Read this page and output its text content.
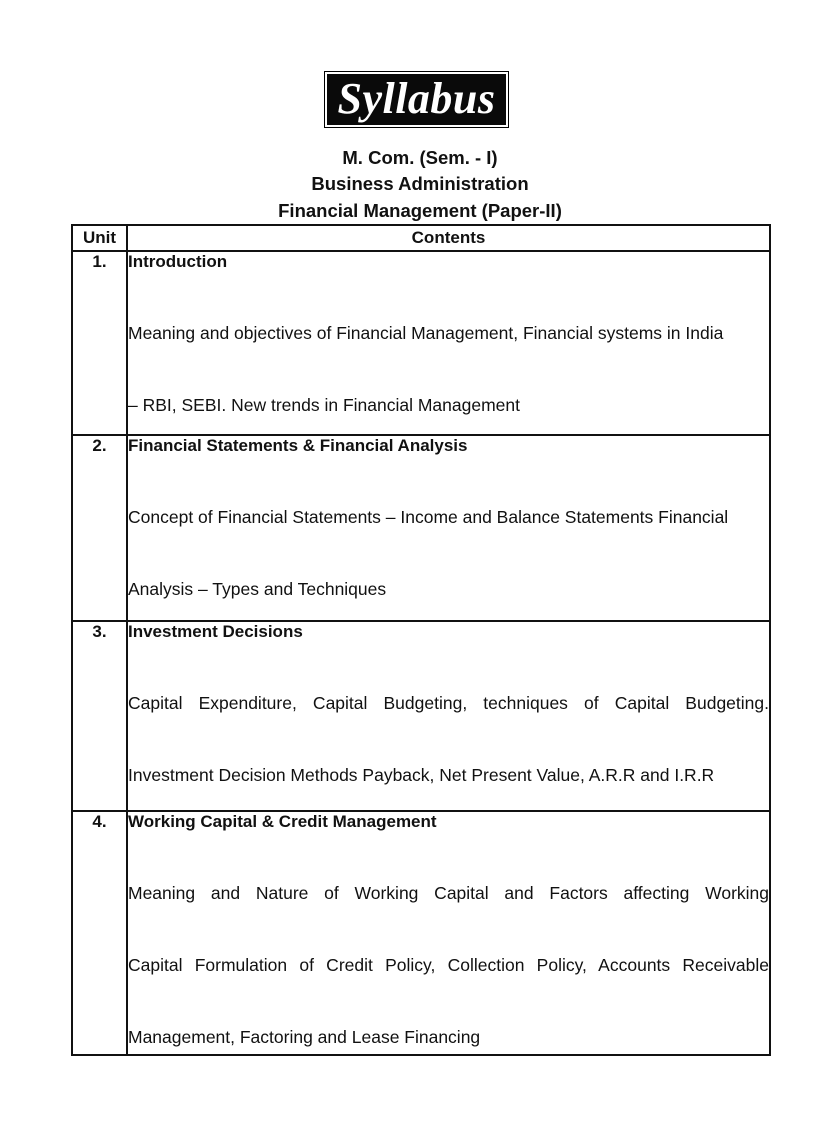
Syllabus
M. Com. (Sem. - I)
Business Administration
Financial Management (Paper-II)
Unit	Contents
1.	Introduction
Meaning and objectives of Financial Management, Financial systems in India
– RBI, SEBI. New trends in Financial Management

2.	Financial Statements & Financial Analysis
Concept of Financial Statements – Income and Balance Statements Financial
Analysis – Types and Techniques

3.	Investment Decisions
Capital Expenditure, Capital Budgeting, techniques of Capital Budgeting.
Investment Decision Methods Payback, Net Present Value, A.R.R and I.R.R

4.	Working Capital & Credit Management
Meaning and Nature of Working Capital and Factors affecting Working
Capital Formulation of Credit Policy, Collection Policy, Accounts Receivable
Management, Factoring and Lease Financing
